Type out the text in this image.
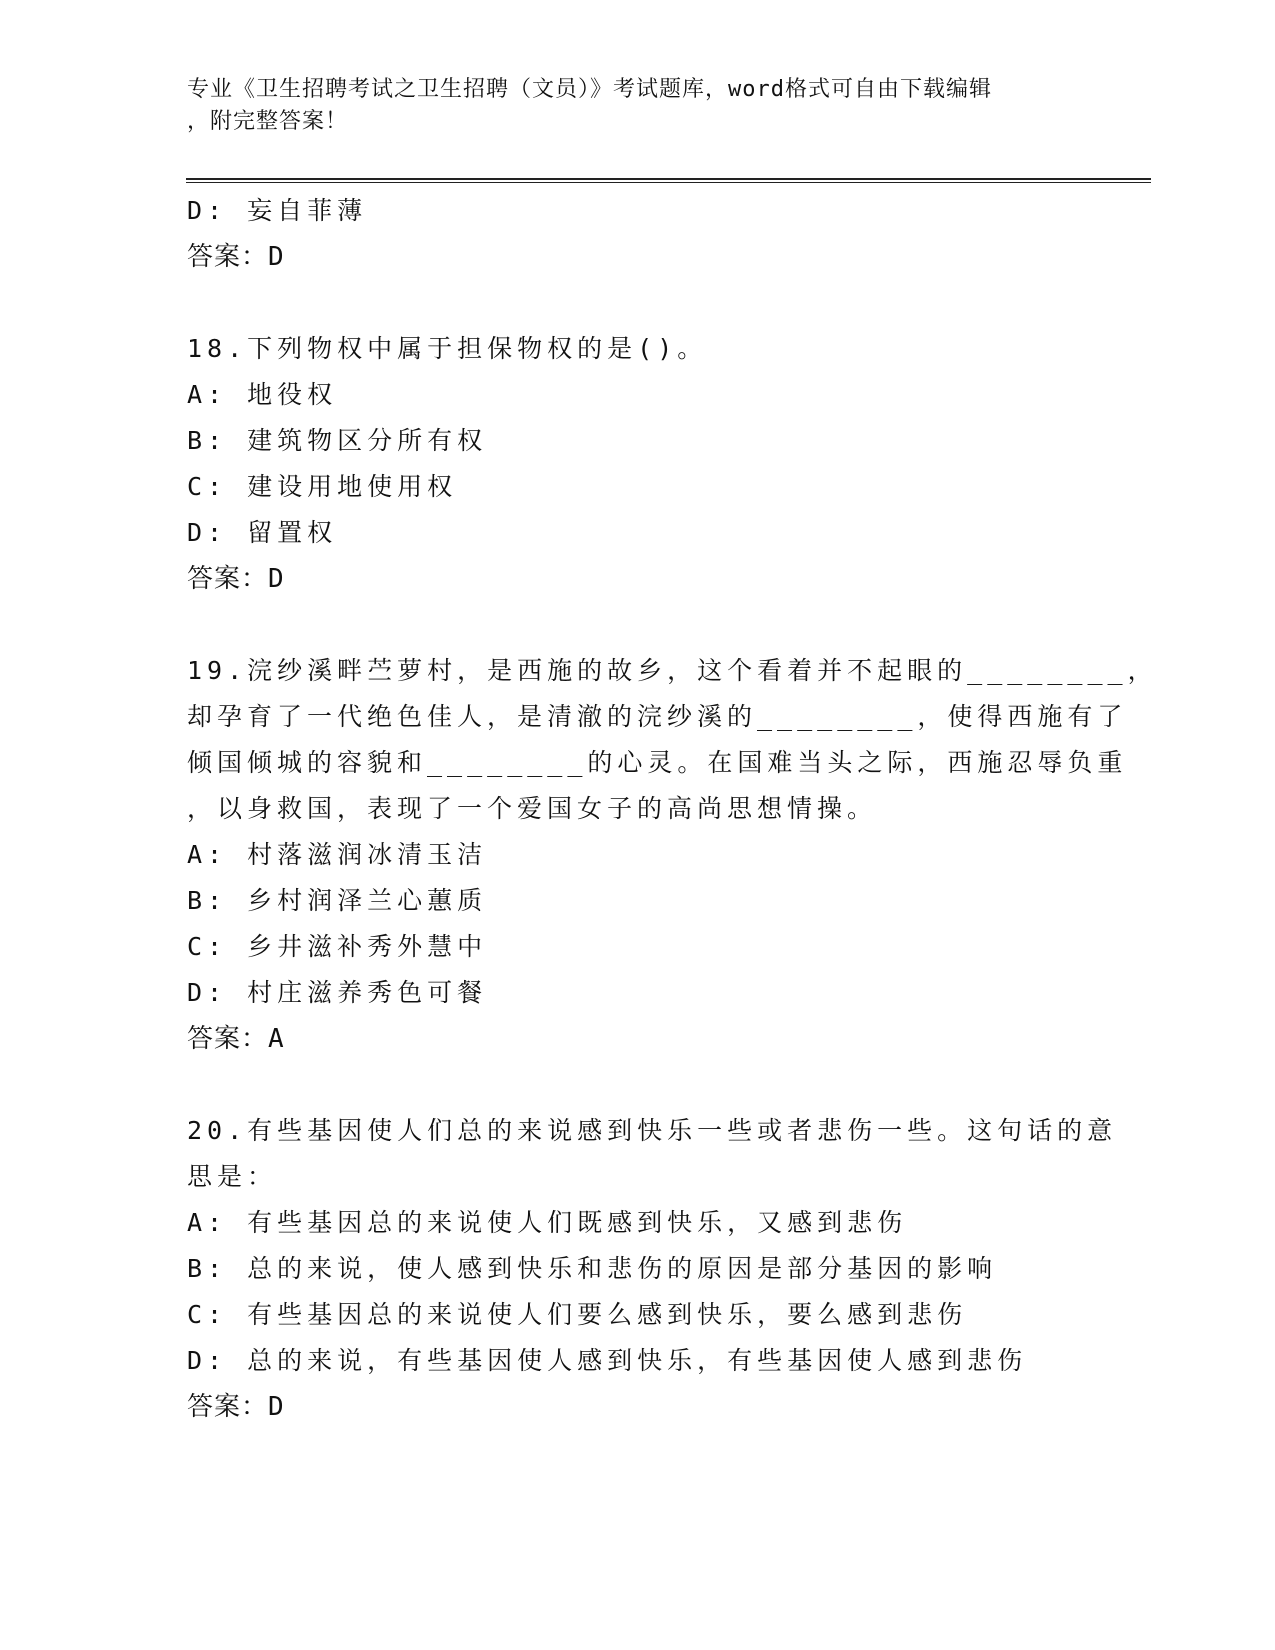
专业《卫生招聘考试之卫生招聘（文员）》考试题库，word格式可自由下载编辑
，附完整答案！
D: 妄自菲薄
答案：D
18.下列物权中属于担保物权的是()。
A: 地役权
B: 建筑物区分所有权
C: 建设用地使用权
D: 留置权
答案：D
19.浣纱溪畔苎萝村，是西施的故乡，这个看着并不起眼的________，
却孕育了一代绝色佳人，是清澈的浣纱溪的________，使得西施有了
倾国倾城的容貌和________的心灵。在国难当头之际，西施忍辱负重
，以身救国，表现了一个爱国女子的高尚思想情操。
A: 村落滋润冰清玉洁
B: 乡村润泽兰心蕙质
C: 乡井滋补秀外慧中
D: 村庄滋养秀色可餐
答案：A
20.有些基因使人们总的来说感到快乐一些或者悲伤一些。这句话的意
思是：
A: 有些基因总的来说使人们既感到快乐，又感到悲伤
B: 总的来说，使人感到快乐和悲伤的原因是部分基因的影响
C: 有些基因总的来说使人们要么感到快乐，要么感到悲伤
D: 总的来说，有些基因使人感到快乐，有些基因使人感到悲伤
答案：D
